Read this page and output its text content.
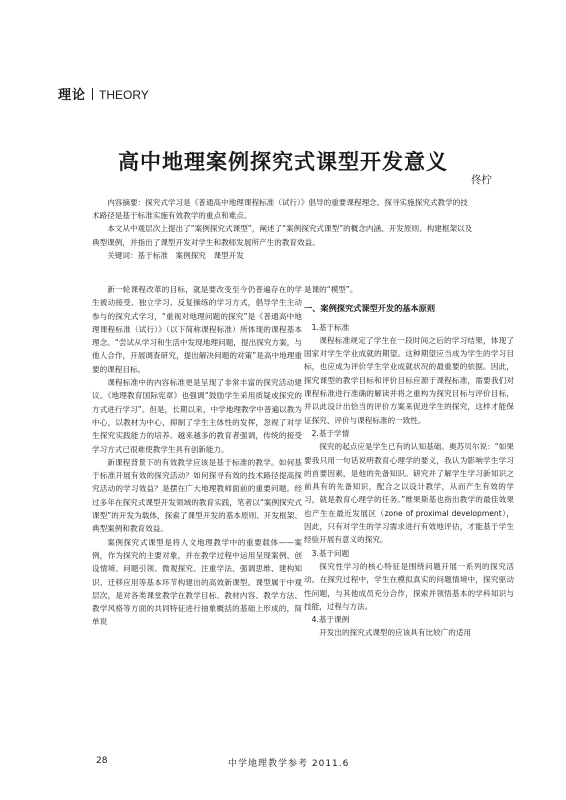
理论 THEORY
高中地理案例探究式课型开发意义
佟柠

内容摘要：探究式学习是《普通高中地理课程标准（试行）》倡导的重要课程理念。探寻实施探究式教学的技术路径是基于标准实施有效教学的重点和难点。

本文从中观层次上提出了“案例探究式课型”，阐述了“案例探究式课型”的概念内涵、开发原则、构建框架以及典型课例，并指出了课型开发对学生和教师发展所产生的教育效益。

关键词：基于标准　案例探究　课型开发

新一轮课程改革的目标，就是要改变至今仍普遍存在的学生被动接受、独立学习、反复操练的学习方式，倡导学生主动参与的探究式学习，“重视对地理问题的探究”是《普通高中地理课程标准（试行）》（以下简称课程标准）所体现的课程基本理念。“尝试从学习和生活中发现地理问题，提出探究方案，与他人合作，开展调查研究，提出解决问题的对策”是高中地理重要的课程目标。

课程标准中的内容标准更是呈现了非常丰富的探究活动建议。《地理教育国际宪章》也强调“鼓励学生采用质疑或探究的方式进行学习”。但是，长期以来，中学地理教学中普遍以教为中心，以教材为中心，抑制了学生主体性的发挥，忽视了对学生探究实践能力的培养。越来越多的教育者强调，传统的接受学习方式已很难使教学生具有创新能力。

新课程背景下的有效教学应该是基于标准的教学。如何基于标准开展有效的探究活动？如何探寻有效的技术路径提高探究活动的学习效益？是摆在广大地理教师面前的重要问题。经过多年在探究式课型开发领域的教育实践，笔者以“案例探究式课型”的开发为载体，探索了课型开发的基本原则、开发框架、典型案例和教育效益。

案例探究式课型是将人文地理教学中的重要载体——案例，作为探究的主要对象，并在教学过程中运用呈现案例、创设情境、问题引领、微观探究、注重学法、强调思维、建构知识、迁移应用等基本环节构建出的高效新课型。课型属于中观层次，是对各类课堂教学在教学目标、教材内容、教学方法、教学风格等方面的共同特征进行抽象概括的基础上形成的，简单说

是课的“模型”。

一、案例探究式课型开发的基本原则
1.基于标准

课程标准规定了学生在一段时间之后的学习结果，体现了国家对学生学业成就的期望。这种期望应当成为学生的学习目标，也应成为评价学生学业成就状况的最重要的依据。因此，探究课型的教学目标和评价目标应源于课程标准，需要我们对课程标准进行准确的解读并将之重构为探究目标与评价目标，并以此设计出恰当的评价方案来促进学生的探究，这样才能保证探究、评价与课程标准的一致性。

2.基于学情

探究的起点应是学生已有的认知基础。奥苏贝尔说：“如果要我只用一句话说明教育心理学的要义，我认为影响学生学习的首要因素，是他的先备知识。研究并了解学生学习新知识之前具有的先备知识，配合之以设计教学，从而产生有效的学习，就是教育心理学的任务。”维果斯基也指出教学的最佳效果也产生在最近发展区（zone of proximal development），因此，只有对学生的学习需求进行有效地评估，才能基于学生经验开展有意义的探究。

3.基于问题

探究性学习的核心特征是围绕问题开展一系列的探究活动。在探究过程中，学生在模拟真实的问题情境中，探究驱动性问题，与其他成员充分合作，探索并领悟基本的学科知识与技能，过程与方法。

4.基于课例

开发出的探究式课型的应该具有比较广的适用

28	中学地理教学参考 2011.6
